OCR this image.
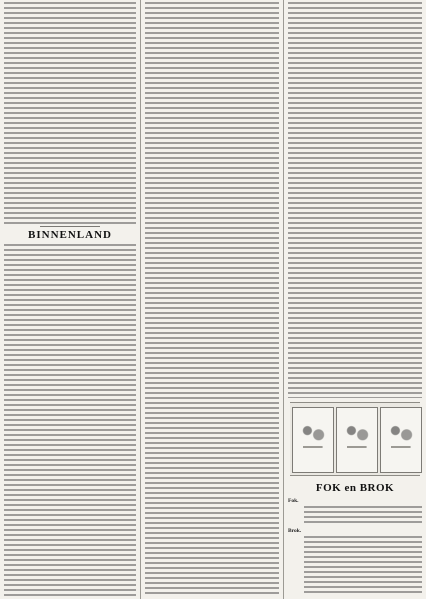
BINNENLAND
FOK en BROK
Fok.
Brok.
